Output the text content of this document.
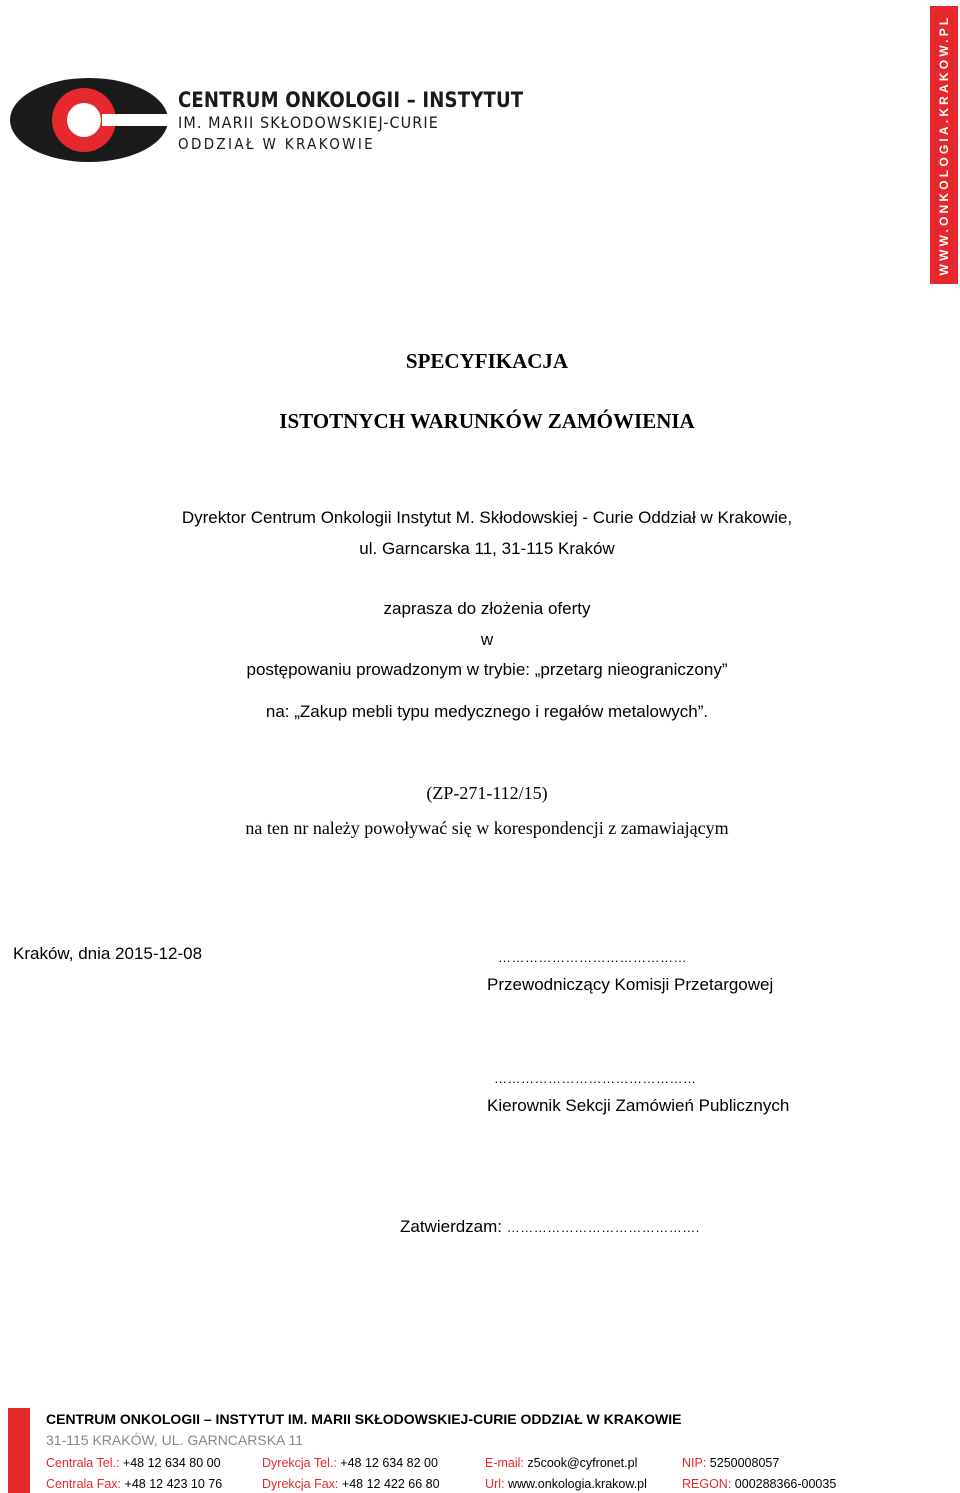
CENTRUM ONKOLOGII – INSTYTUT
IM. MARII SKŁODOWSKIEJ-CURIE
ODDZIAŁ W KRAKOWIE	WWW.ONKOLOGIA.KRAKOW.PL
SPECYFIKACJA
ISTOTNYCH WARUNKÓW ZAMÓWIENIA
Dyrektor Centrum Onkologii Instytut M. Skłodowskiej - Curie Oddział w Krakowie,
ul. Garncarska 11, 31-115 Kraków
zaprasza do złożenia oferty
w
postępowaniu prowadzonym w trybie: „przetarg nieograniczony”
na: „Zakup mebli typu medycznego i regałów metalowych”.
(ZP-271-112/15)
na ten nr należy powoływać się w korespondencji z zamawiającym
Kraków, dnia 2015-12-08	……………………………………
Przewodniczący Komisji Przetargowej
………………………………………
Kierownik Sekcji Zamówień Publicznych
Zatwierdzam: …………………………………….
CENTRUM ONKOLOGII – INSTYTUT IM. MARII SKŁODOWSKIEJ-CURIE ODDZIAŁ W KRAKOWIE
31-115 KRAKÓW, UL. GARNCARSKA 11
Centrala Tel.: +48 12 634 80 00	Dyrekcja Tel.: +48 12 634 82 00	E-mail: z5cook@cyfronet.pl	NIP: 5250008057
Centrala Fax: +48 12 423 10 76	Dyrekcja Fax: +48 12 422 66 80	Url: www.onkologia.krakow.pl	REGON: 000288366-00035
